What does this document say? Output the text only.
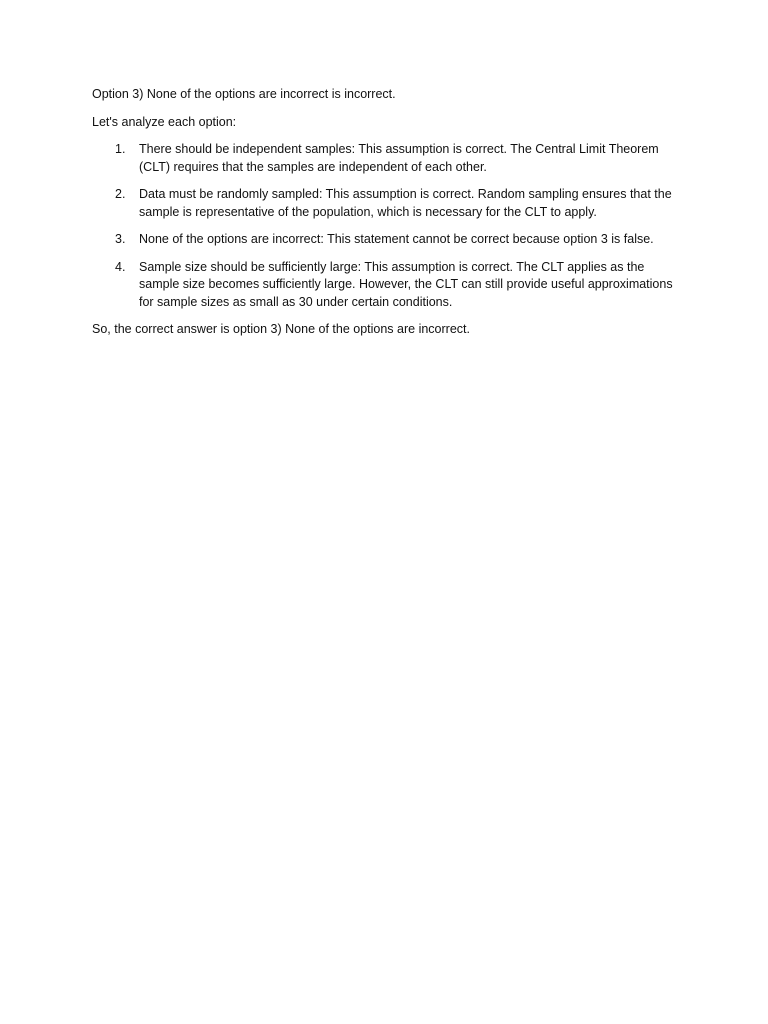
Option 3) None of the options are incorrect is incorrect.

Let's analyze each option:

1. There should be independent samples: This assumption is correct. The Central Limit Theorem (CLT) requires that the samples are independent of each other.
2. Data must be randomly sampled: This assumption is correct. Random sampling ensures that the sample is representative of the population, which is necessary for the CLT to apply.
3. None of the options are incorrect: This statement cannot be correct because option 3 is false.
4. Sample size should be sufficiently large: This assumption is correct. The CLT applies as the sample size becomes sufficiently large. However, the CLT can still provide useful approximations for sample sizes as small as 30 under certain conditions.

So, the correct answer is option 3) None of the options are incorrect.
